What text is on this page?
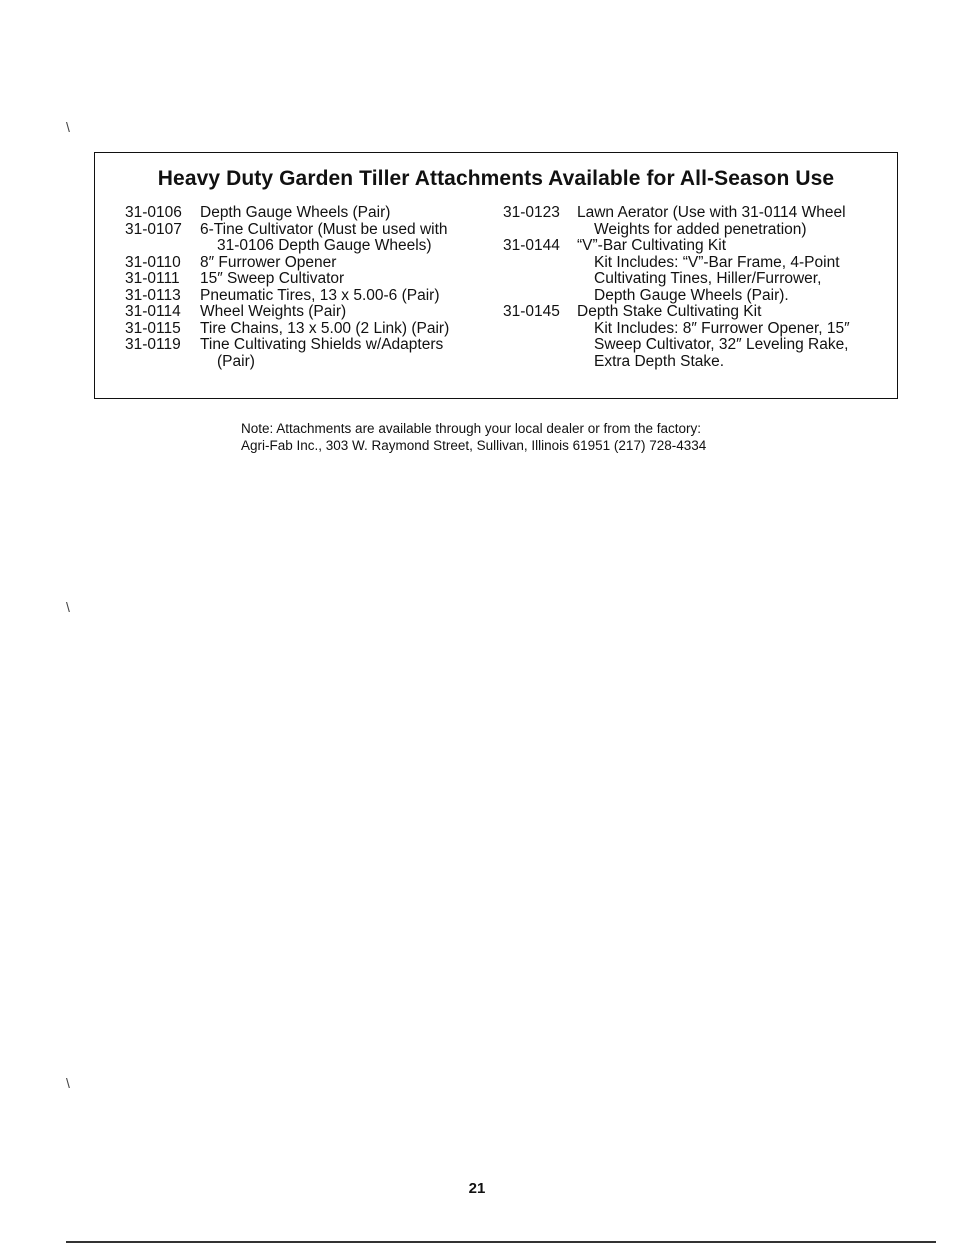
\
\
\
Heavy Duty Garden Tiller Attachments Available for All-Season Use
31-0106	Depth Gauge Wheels (Pair)
31-0107	6-Tine Cultivator (Must be used with
31-0106 Depth Gauge Wheels)
31-0110	8″ Furrower Opener
31-0111	15″ Sweep Cultivator
31-0113	Pneumatic Tires, 13 x 5.00-6 (Pair)
31-0114	Wheel Weights (Pair)
31-0115	Tire Chains, 13 x 5.00 (2 Link) (Pair)
31-0119	Tine Cultivating Shields w/Adapters
(Pair)
31-0123	Lawn Aerator (Use with 31-0114 Wheel
Weights for added penetration)
31-0144	“V”-Bar Cultivating Kit
Kit Includes: “V”-Bar Frame, 4-Point
Cultivating Tines, Hiller/Furrower,
Depth Gauge Wheels (Pair).
31-0145	Depth Stake Cultivating Kit
Kit Includes: 8″ Furrower Opener, 15″
Sweep Cultivator, 32″ Leveling Rake,
Extra Depth Stake.
Note: Attachments are available through your local dealer or from the factory:
Agri-Fab Inc., 303 W. Raymond Street, Sullivan, Illinois 61951 (217) 728-4334
21
